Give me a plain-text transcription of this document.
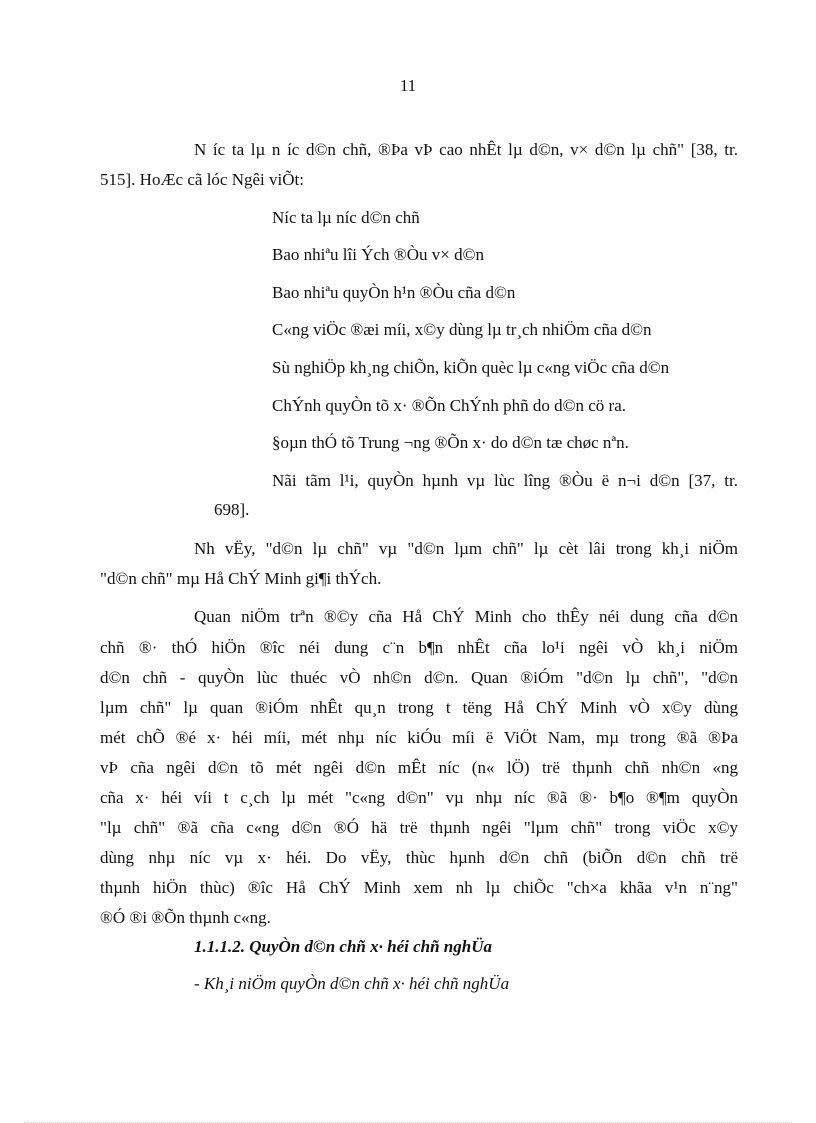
11
N íc ta lµ n íc d©n chñ, ®Þa vÞ cao nhÊt lµ d©n, v× d©n lµ chñ" [38, tr.
515]. HoÆc cã lóc Ngêi viÕt:
Níc ta lµ níc d©n chñ
Bao nhiªu lîi Ých ®Òu v× d©n
Bao nhiªu quyÒn h¹n ®Òu cña d©n
C«ng viÖc ®æi míi, x©y dùng lµ tr¸ch nhiÖm cña d©n
Sù nghiÖp kh¸ng chiÕn, kiÕn quèc lµ c«ng viÖc cña d©n
ChÝnh quyÒn tõ x· ®Õn ChÝnh phñ do d©n cö ra.
§oµn thÓ tõ Trung ¬ng ®Õn x· do d©n tæ chøc nªn.
Nãi tãm l¹i, quyÒn hµnh vµ lùc lîng ®Òu ë n¬i d©n [37, tr.
698].
Nh vËy, "d©n lµ chñ" vµ "d©n lµm chñ" lµ cèt lâi trong kh¸i niÖm
"d©n chñ" mµ Hå ChÝ Minh gi¶i thÝch.
Quan niÖm trªn ®©y cña Hå ChÝ Minh cho thÊy néi dung cña d©n
chñ ®· thÓ hiÖn ®îc néi dung c¨n b¶n nhÊt cña lo¹i ngêi vÒ kh¸i niÖm
d©n chñ - quyÒn lùc thuéc vÒ nh©n d©n. Quan ®iÓm "d©n lµ chñ", "d©n
lµm chñ" lµ quan ®iÓm nhÊt qu¸n trong t tëng Hå ChÝ Minh vÒ x©y dùng
mét chÕ ®é x· héi míi, mét nhµ níc kiÓu míi ë ViÖt Nam, mµ trong ®ã ®Þa
vÞ cña ngêi d©n tõ mét ngêi d©n mÊt níc (n« lÖ) trë thµnh chñ nh©n «ng
cña x· héi víi t c¸ch lµ mét "c«ng d©n" vµ nhµ níc ®ã ®· b¶o ®¶m quyÒn
"lµ chñ" ®ã cña c«ng d©n ®Ó hä trë thµnh ngêi "lµm chñ" trong viÖc x©y
dùng nhµ níc vµ x· héi. Do vËy, thùc hµnh d©n chñ (biÕn d©n chñ trë
thµnh hiÖn thùc) ®îc Hå ChÝ Minh xem nh lµ chiÕc "ch×a khãa v¹n n¨ng"
®Ó ®i ®Õn thµnh c«ng.
1.1.1.2. QuyÒn d©n chñ x· héi chñ nghÜa
- Kh¸i niÖm quyÒn d©n chñ x· héi chñ nghÜa
